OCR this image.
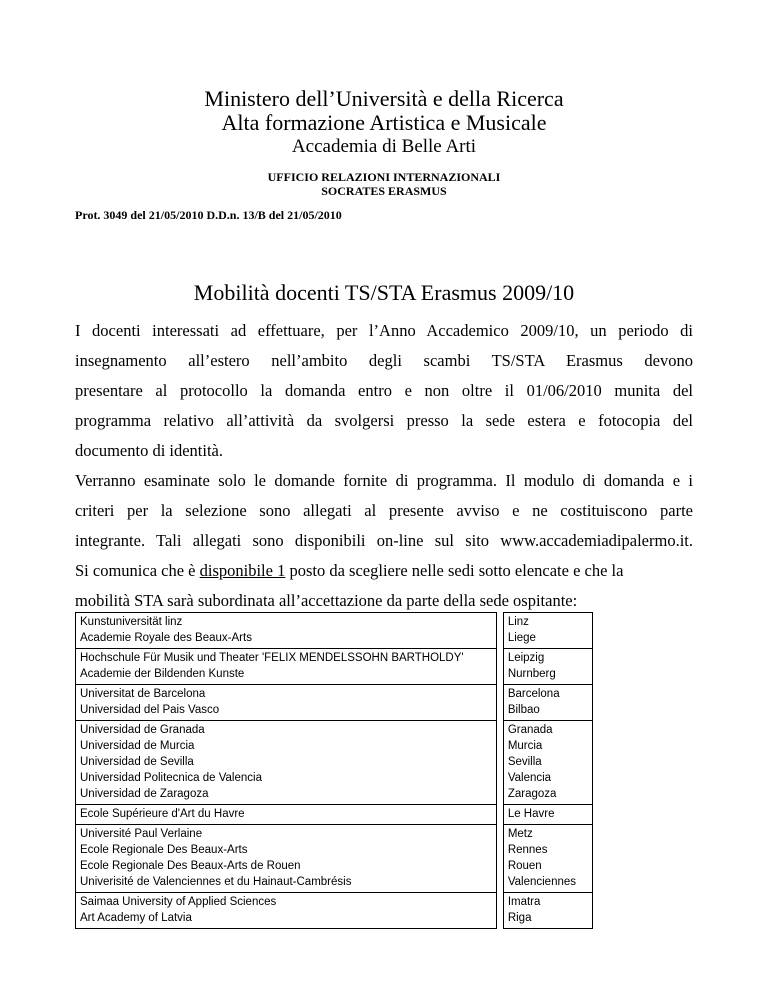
Ministero dell’Università e della Ricerca
Alta formazione Artistica e Musicale
Accademia di Belle Arti
UFFICIO RELAZIONI INTERNAZIONALI
SOCRATES ERASMUS
Prot. 3049 del 21/05/2010 D.D.n. 13/B del 21/05/2010
Mobilità docenti TS/STA Erasmus 2009/10
I docenti interessati ad effettuare, per l’Anno Accademico 2009/10, un periodo di
insegnamento all’estero nell’ambito degli scambi TS/STA Erasmus devono
presentare al protocollo la domanda entro e non oltre il 01/06/2010 munita del
programma relativo all’attività da svolgersi presso la sede estera e fotocopia del
documento di identità.
Verranno esaminate solo le domande fornite di programma. Il modulo di domanda e i
criteri per la selezione sono allegati al presente avviso e ne costituiscono parte
integrante. Tali allegati sono disponibili on-line sul sito www.accademiadipalermo.it.
Si comunica che è disponibile 1 posto da scegliere nelle sedi sotto elencate e che la
mobilità STA sarà subordinata all’accettazione da parte della sede ospitante:
Kunstuniversität linz
Academie Royale des Beaux-Arts		Linz
Liege

Hochschule Für Musik und Theater 'FELIX MENDELSSOHN BARTHOLDY'
Academie der Bildenden Kunste		Leipzig
Nurnberg

Universitat de Barcelona
Universidad del Pais Vasco		Barcelona
Bilbao

Universidad de Granada
Universidad de Murcia
Universidad de Sevilla
Universidad Politecnica de Valencia
Universidad de Zaragoza		Granada
Murcia
Sevilla
Valencia
Zaragoza

Ecole Supérieure d'Art du Havre		Le Havre

Université Paul Verlaine
Ecole Regionale Des Beaux-Arts
Ecole Regionale Des Beaux-Arts de Rouen
Univerisité de Valenciennes et du Hainaut-Cambrésis		Metz
Rennes
Rouen
Valenciennes

Saimaa University of Applied Sciences
Art Academy of Latvia		Imatra
Riga
